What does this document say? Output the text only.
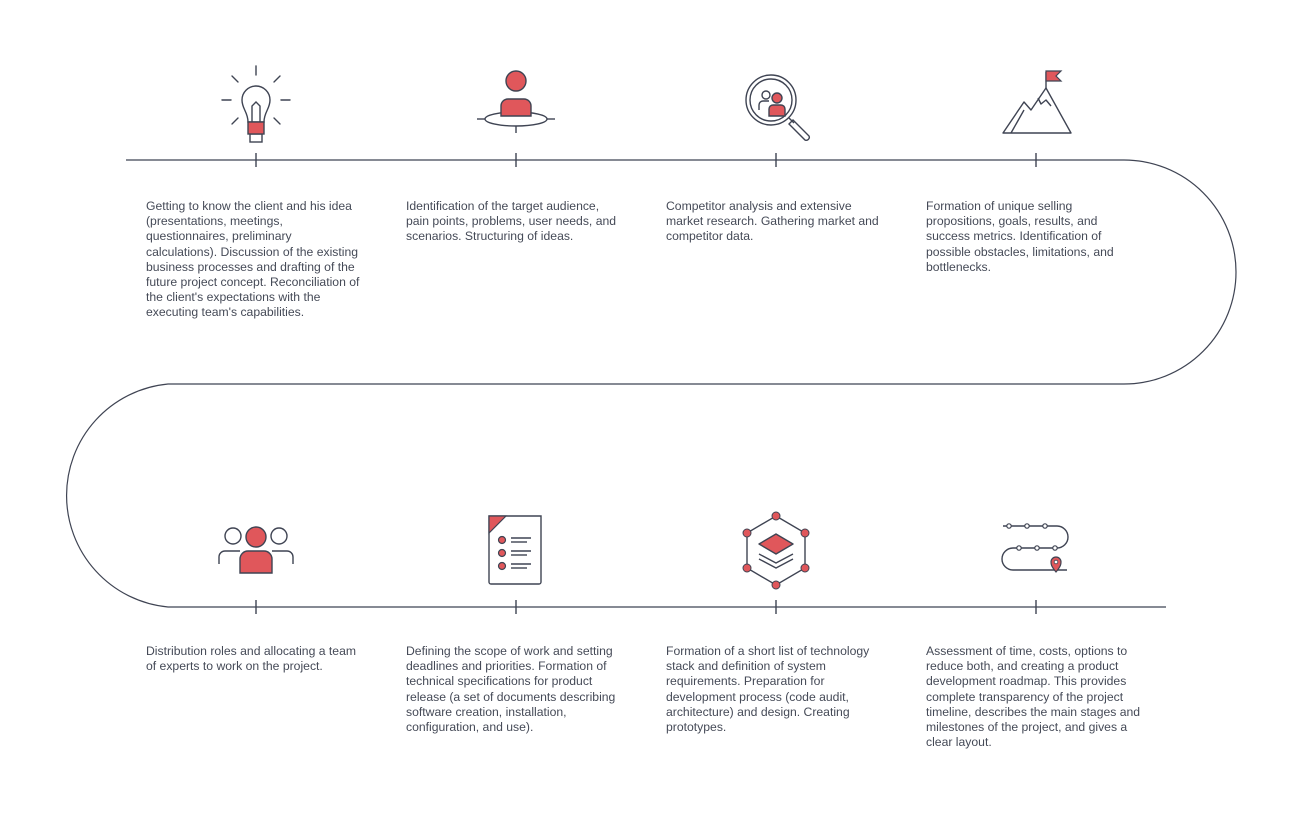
Getting to know the client and his idea (presentations, meetings, questionnaires, preliminary calculations). Discussion of the existing business processes and drafting of the future project concept. Reconciliation of the client's expectations with the executing team's capabilities.

Identification of the target audience, pain points, problems, user needs, and scenarios. Structuring of ideas.

Competitor analysis and extensive market research. Gathering market and competitor data.

Formation of unique selling propositions, goals, results, and success metrics. Identification of possible obstacles, limitations, and bottlenecks.

Distribution roles and allocating a team of experts to work on the project.

Defining the scope of work and setting deadlines and priorities. Formation of technical specifications for product release (a set of documents describing software creation, installation, configuration, and use).

Formation of a short list of technology stack and definition of system requirements. Preparation for development process (code audit, architecture) and design. Creating prototypes.

Assessment of time, costs, options to reduce both, and creating a product development roadmap. This provides complete transparency of the project timeline, describes the main stages and milestones of the project, and gives a clear layout.
